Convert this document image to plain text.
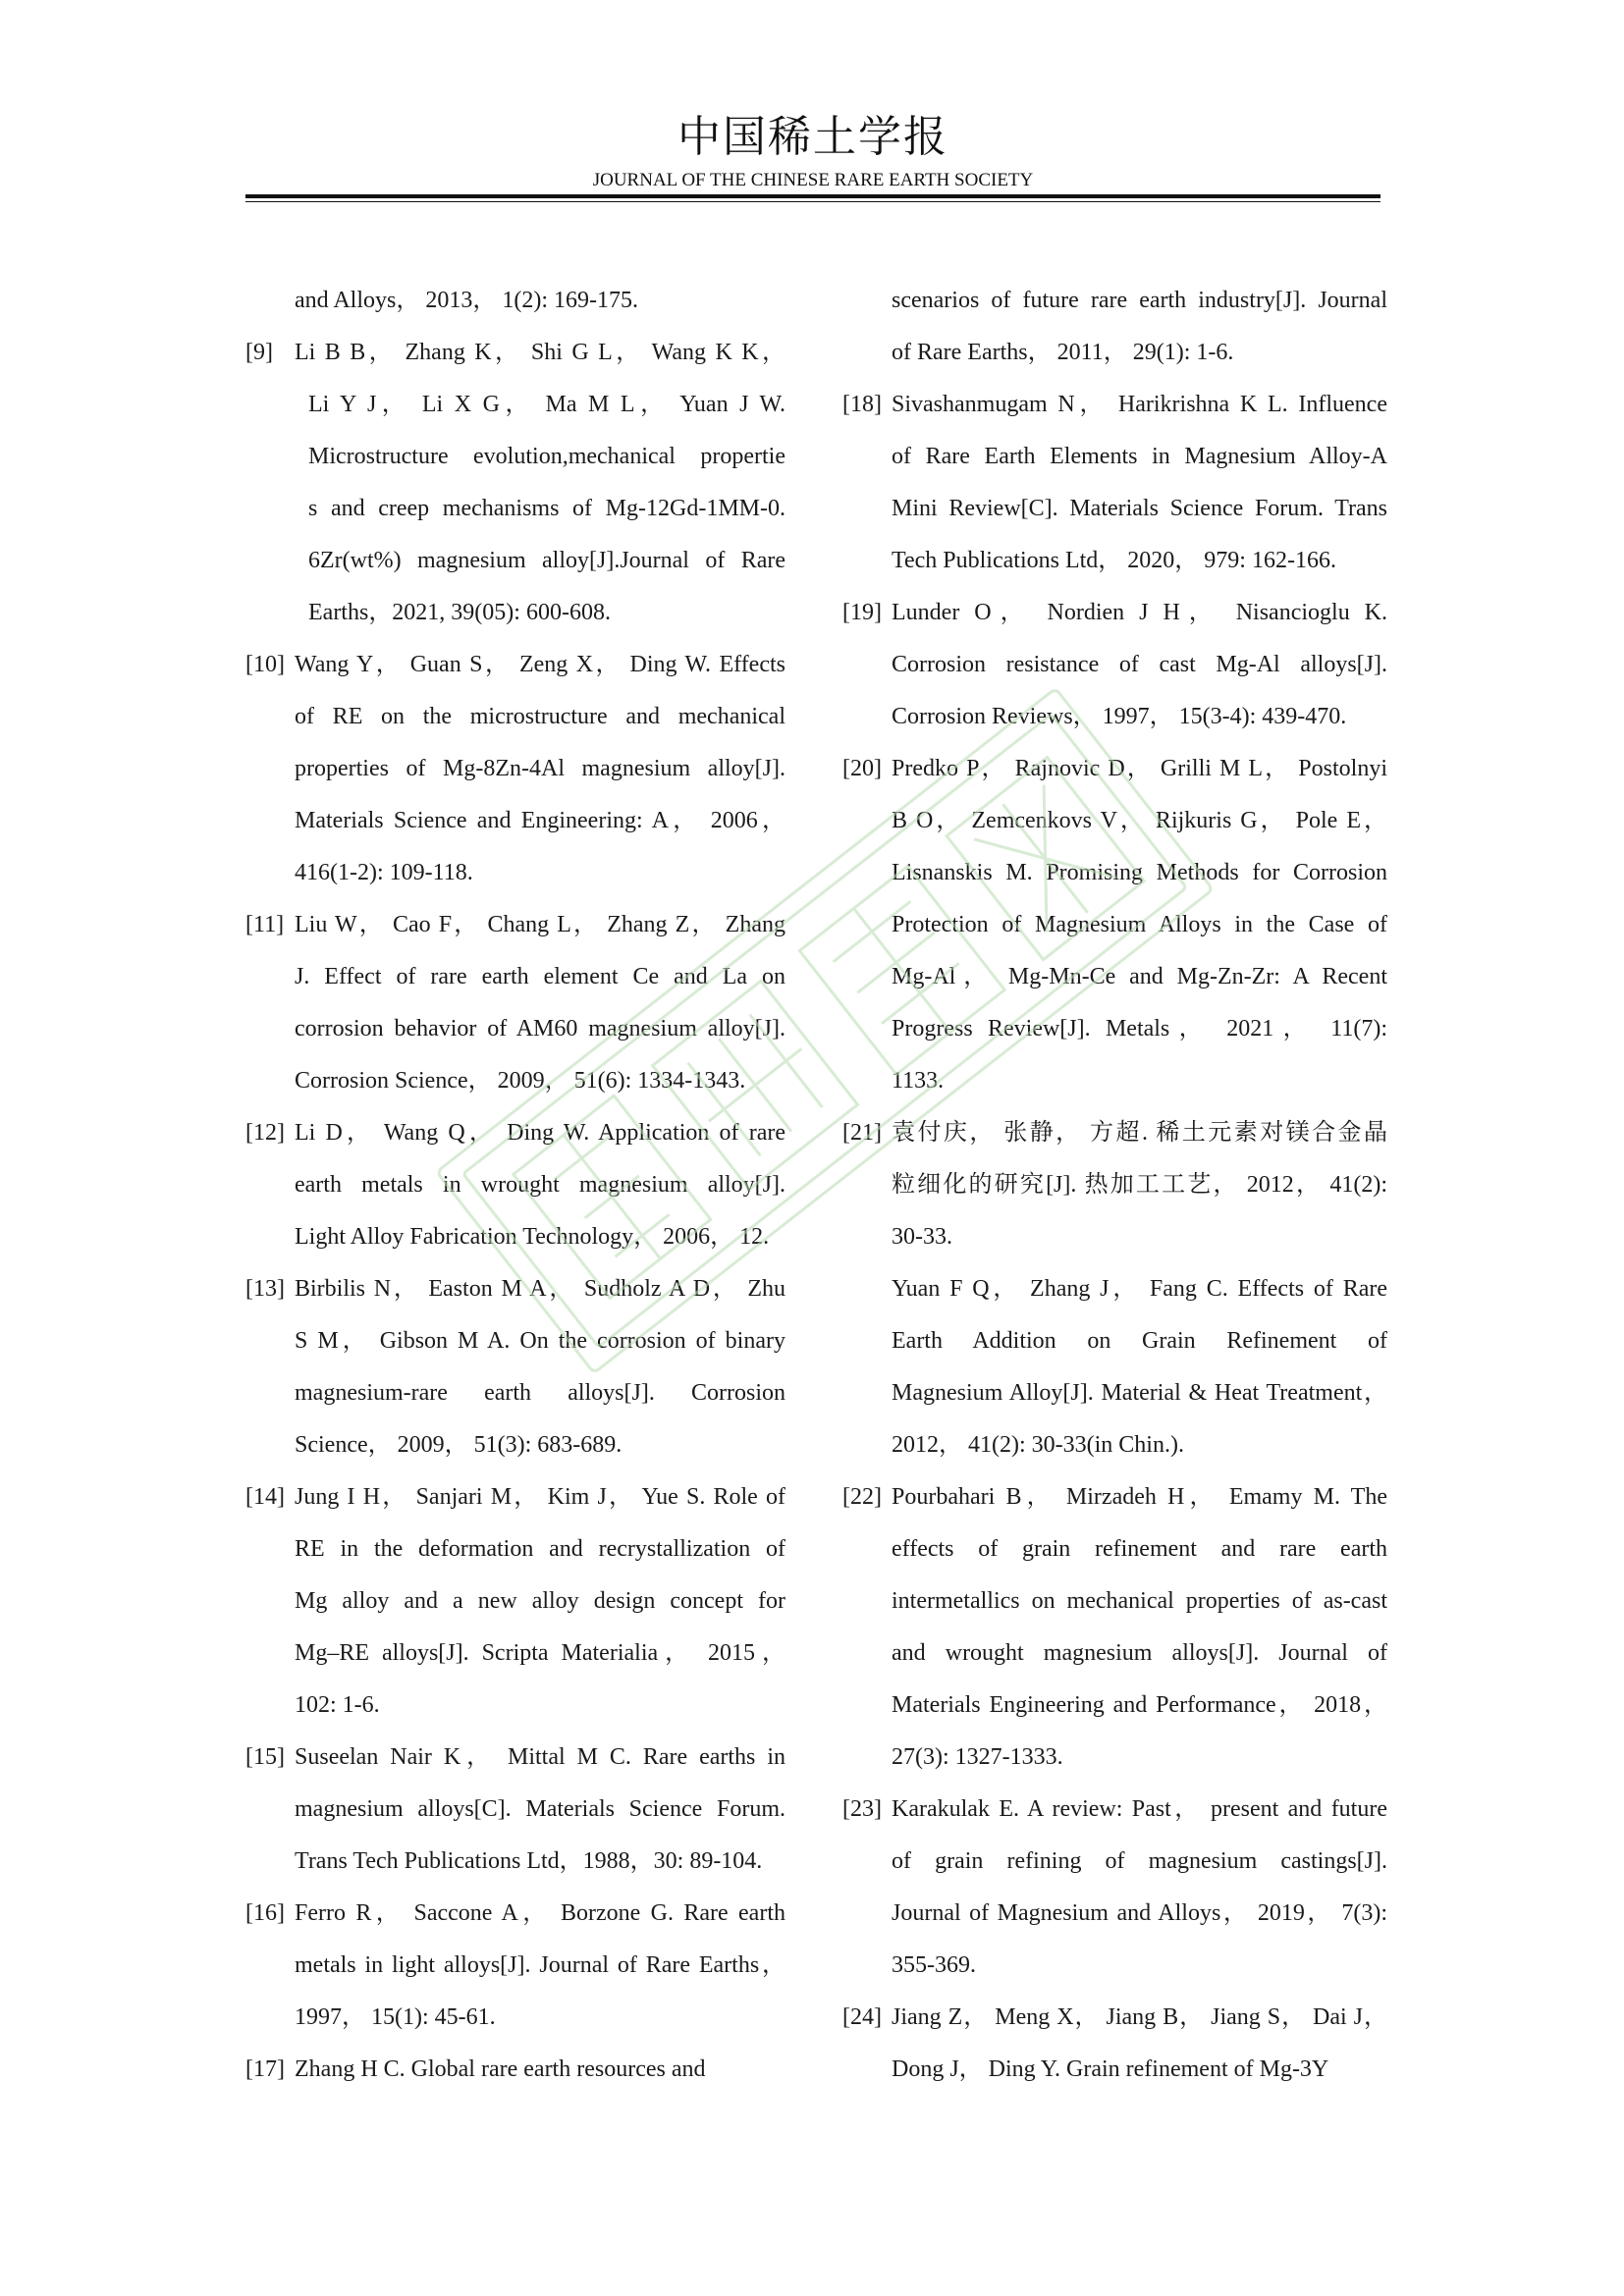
中国稀土学报
JOURNAL OF THE CHINESE RARE EARTH SOCIETY
and Alloys， 2013， 1(2): 169-175.
[9] Li B B， Zhang K， Shi G L， Wang K K，
Li Y J， Li X G， Ma M L， Yuan J W.
Microstructure evolution,mechanical propertie
s and creep mechanisms of Mg-12Gd-1MM-0.
6Zr(wt%) magnesium alloy[J].Journal of Rare
Earths，2021, 39(05): 600-608.
[10] Wang Y， Guan S， Zeng X， Ding W. Effects
of RE on the microstructure and mechanical
properties of Mg-8Zn-4Al magnesium alloy[J].
Materials Science and Engineering: A， 2006，
416(1-2): 109-118.
[11] Liu W， Cao F， Chang L， Zhang Z， Zhang
J. Effect of rare earth element Ce and La on
corrosion behavior of AM60 magnesium alloy[J].
Corrosion Science， 2009， 51(6): 1334-1343.
[12] Li D， Wang Q， Ding W. Application of rare
earth metals in wrought magnesium alloy[J].
Light Alloy Fabrication Technology， 2006， 12.
[13] Birbilis N， Easton M A， Sudholz A D， Zhu
S M， Gibson M A. On the corrosion of binary
magnesium-rare earth alloys[J]. Corrosion
Science， 2009， 51(3): 683-689.
[14] Jung I H， Sanjari M， Kim J， Yue S. Role of
RE in the deformation and recrystallization of
Mg alloy and a new alloy design concept for
Mg–RE alloys[J]. Scripta Materialia， 2015，
102: 1-6.
[15] Suseelan Nair K， Mittal M C. Rare earths in
magnesium alloys[C]. Materials Science Forum.
Trans Tech Publications Ltd，1988，30: 89-104.
[16] Ferro R， Saccone A， Borzone G. Rare earth
metals in light alloys[J]. Journal of Rare Earths，
1997， 15(1): 45-61.
[17] Zhang H C. Global rare earth resources and
scenarios of future rare earth industry[J]. Journal
of Rare Earths， 2011， 29(1): 1-6.
[18] Sivashanmugam N， Harikrishna K L. Influence
of Rare Earth Elements in Magnesium Alloy-A
Mini Review[C]. Materials Science Forum. Trans
Tech Publications Ltd， 2020， 979: 162-166.
[19] Lunder O， Nordien J H， Nisancioglu K.
Corrosion resistance of cast Mg-Al alloys[J].
Corrosion Reviews， 1997， 15(3-4): 439-470.
[20] Predko P， Rajnovic D， Grilli M L， Postolnyi
B O， Zemcenkovs V， Rijkuris G， Pole E，
Lisnanskis M. Promising Methods for Corrosion
Protection of Magnesium Alloys in the Case of
Mg-Al， Mg-Mn-Ce and Mg-Zn-Zr: A Recent
Progress Review[J]. Metals， 2021， 11(7):
1133.
[21] 袁付庆， 张静， 方超. 稀土元素对镁合金晶
粒细化的研究[J]. 热加工工艺， 2012， 41(2):
30-33.
Yuan F Q， Zhang J， Fang C. Effects of Rare
Earth Addition on Grain Refinement of
Magnesium Alloy[J]. Material & Heat Treatment，
2012， 41(2): 30-33(in Chin.).
[22] Pourbahari B， Mirzadeh H， Emamy M. The
effects of grain refinement and rare earth
intermetallics on mechanical properties of as-cast
and wrought magnesium alloys[J]. Journal of
Materials Engineering and Performance， 2018，
27(3): 1327-1333.
[23] Karakulak E. A review: Past， present and future
of grain refining of magnesium castings[J].
Journal of Magnesium and Alloys， 2019， 7(3):
355-369.
[24] Jiang Z， Meng X， Jiang B， Jiang S， Dai J，
Dong J， Ding Y. Grain refinement of Mg-3Y
